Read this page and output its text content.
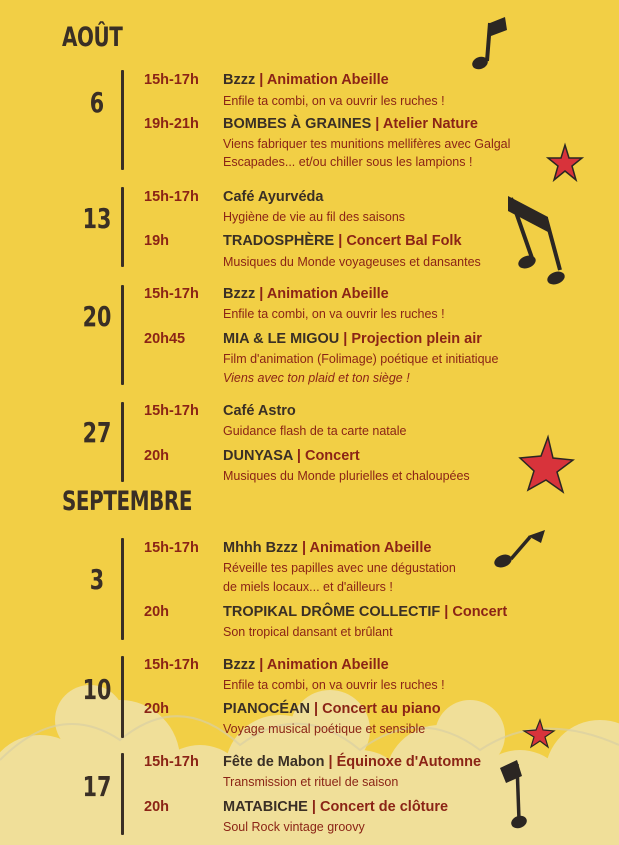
AOÛT
SEPTEMBRE
6
15h-17h Bzzz | Animation Abeille
Enfile ta combi, on va ouvrir les ruches !
19h-21h BOMBES À GRAINES | Atelier Nature
Viens fabriquer tes munitions mellifères avec Galgal
Escapades... et/ou chiller sous les lampions !
13
15h-17h Café Ayurvéda
Hygiène de vie au fil des saisons
19h	TRADOSPHÈRE | Concert Bal Folk
Musiques du Monde voyageuses et dansantes
20
15h-17h Bzzz | Animation Abeille
Enfile ta combi, on va ouvrir les ruches !
20h45	MIA & LE MIGOU | Projection plein air
Film d'animation (Folimage) poétique et initiatique
Viens avec ton plaid et ton siège !
27
15h-17h Café Astro
Guidance flash de ta carte natale
20h	DUNYASA | Concert
Musiques du Monde plurielles et chaloupées
3
15h-17h Mhhh Bzzz | Animation Abeille
Réveille tes papilles avec une dégustation
de miels locaux... et d'ailleurs !
20h	TROPIKAL DRÔME COLLECTIF | Concert
Son tropical dansant et brûlant
10
15h-17h Bzzz | Animation Abeille
Enfile ta combi, on va ouvrir les ruches !
20h	PIANOCÉAN | Concert au piano
Voyage musical poétique et sensible
17
15h-17h Fête de Mabon | Équinoxe d'Automne
Transmission et rituel de saison
20h	MATABICHE | Concert de clôture
Soul Rock vintage groovy
